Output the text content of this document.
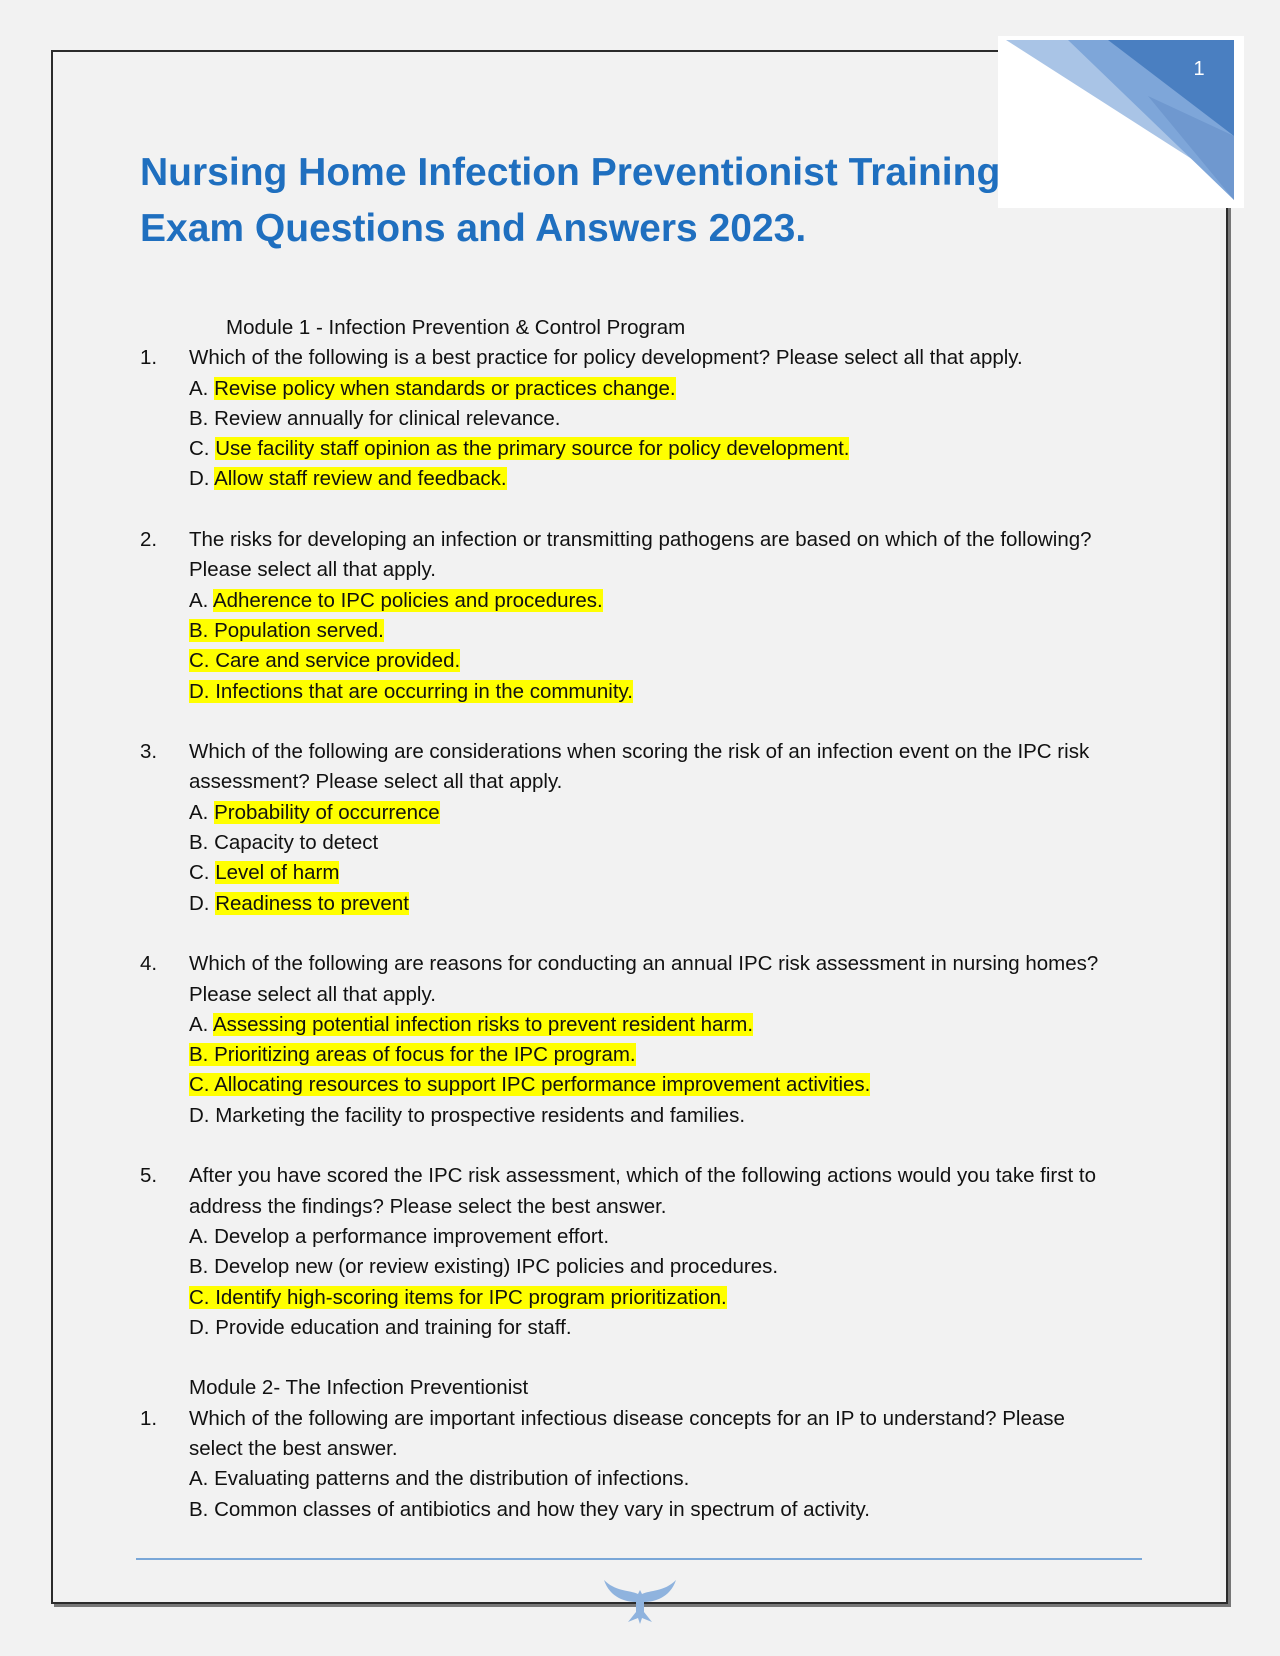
1
Nursing Home Infection Preventionist Training Exam Questions and Answers 2023.
Module 1 - Infection Prevention & Control Program
1.	Which of the following is a best practice for policy development? Please select all that apply.
A. Revise policy when standards or practices change.
B. Review annually for clinical relevance.
C. Use facility staff opinion as the primary source for policy development.
D. Allow staff review and feedback.
2.	The risks for developing an infection or transmitting pathogens are based on which of the following?
Please select all that apply.
A. Adherence to IPC policies and procedures.
B. Population served.
C. Care and service provided.
D. Infections that are occurring in the community.
3.	Which of the following are considerations when scoring the risk of an infection event on the IPC risk
assessment? Please select all that apply.
A. Probability of occurrence
B. Capacity to detect
C. Level of harm
D. Readiness to prevent
4.	Which of the following are reasons for conducting an annual IPC risk assessment in nursing homes?
Please select all that apply.
A. Assessing potential infection risks to prevent resident harm.
B. Prioritizing areas of focus for the IPC program.
C. Allocating resources to support IPC performance improvement activities.
D. Marketing the facility to prospective residents and families.
5.	After you have scored the IPC risk assessment, which of the following actions would you take first to
address the findings? Please select the best answer.
A. Develop a performance improvement effort.
B. Develop new (or review existing) IPC policies and procedures.
C. Identify high-scoring items for IPC program prioritization.
D. Provide education and training for staff.
Module 2- The Infection Preventionist
1.	Which of the following are important infectious disease concepts for an IP to understand? Please
select the best answer.
A. Evaluating patterns and the distribution of infections.
B. Common classes of antibiotics and how they vary in spectrum of activity.
